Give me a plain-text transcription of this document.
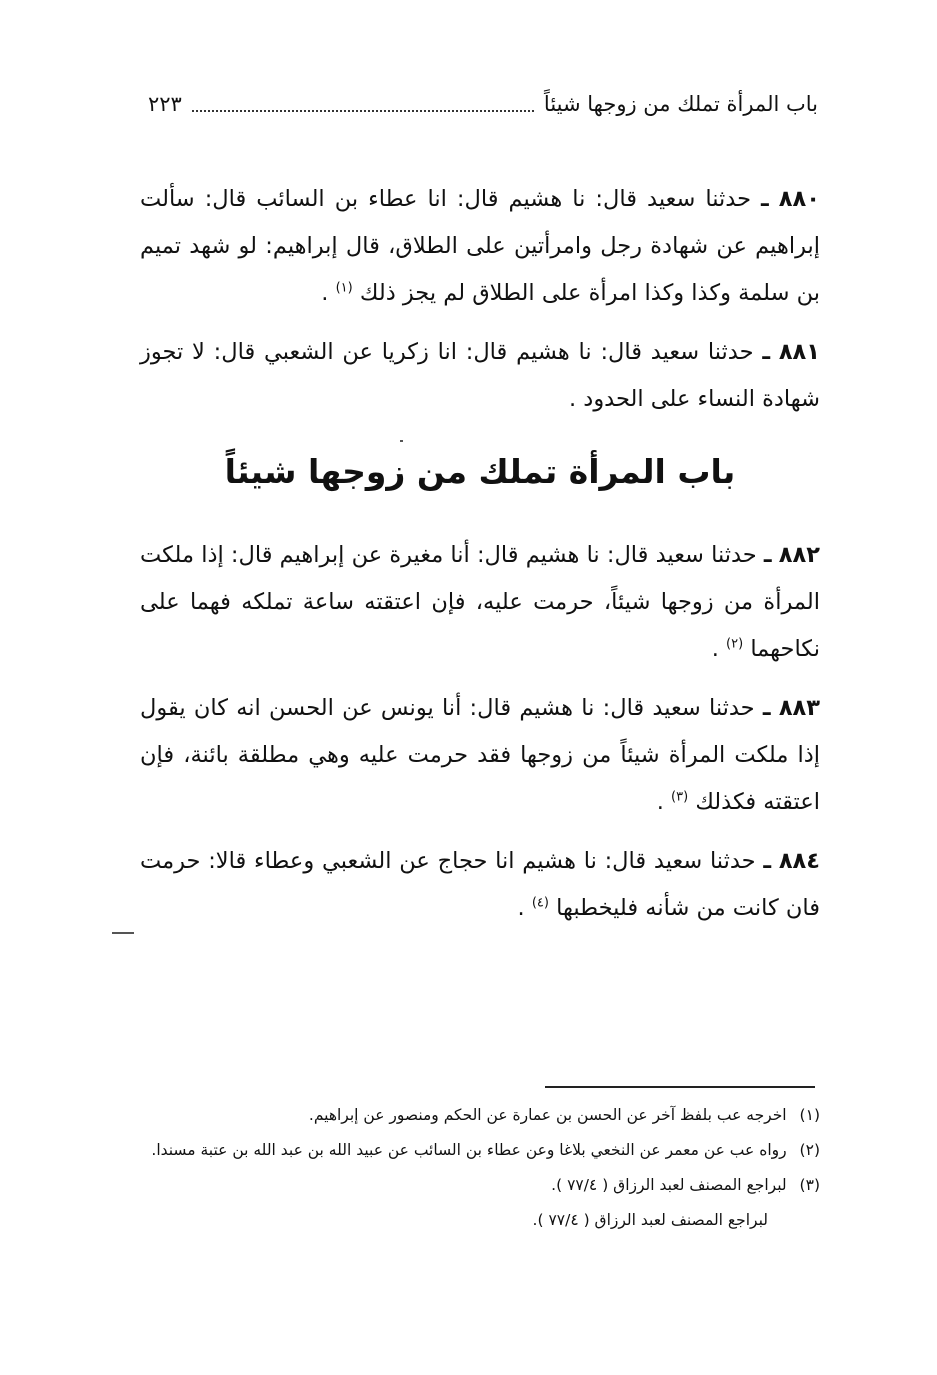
باب المرأة تملك من زوجها شيئاً
٢٢٣

٨٨٠ ـ حدثنا سعيد قال: نا هشيم قال: انا عطاء بن السائب قال: سألت إبراهيم عن شهادة رجل وامرأتين على الطلاق، قال إبراهيم: لو شهد تميم بن سلمة وكذا وكذا امرأة على الطلاق لم يجز ذلك $^{(١)}$ .

٨٨١ ـ حدثنا سعيد قال: نا هشيم قال: انا زكريا عن الشعبي قال: لا تجوز شهادة النساء على الحدود .

باب المرأة تملك من زوجها شيئاً

٨٨٢ ـ حدثنا سعيد قال: نا هشيم قال: أنا مغيرة عن إبراهيم قال: إذا ملكت المرأة من زوجها شيئاً، حرمت عليه، فإن اعتقته ساعة تملكه فهما على نكاحهما $^{(٢)}$ .

٨٨٣ ـ حدثنا سعيد قال: نا هشيم قال: أنا يونس عن الحسن انه كان يقول إذا ملكت المرأة شيئاً من زوجها فقد حرمت عليه وهي مطلقة بائنة، فإن اعتقته فكذلك $^{(٣)}$ .

٨٨٤ ـ حدثنا سعيد قال: نا هشيم انا حجاج عن الشعبي وعطاء قالا: حرمت فان كانت من شأنه فليخطبها $^{(٤)}$ .

(١) اخرجه عب بلفظ آخر عن الحسن بن عمارة عن الحكم ومنصور عن إبراهيم.

(٢) رواه عب عن معمر عن النخعي بلاغا وعن عطاء بن السائب عن عبيد الله بن عبد الله بن عتبة مسندا.

(٣) لبراجع المصنف لعبد الرزاق ( ٧٧/٤ ).

لبراجع المصنف لعبد الرزاق ( ٧٧/٤ ).
